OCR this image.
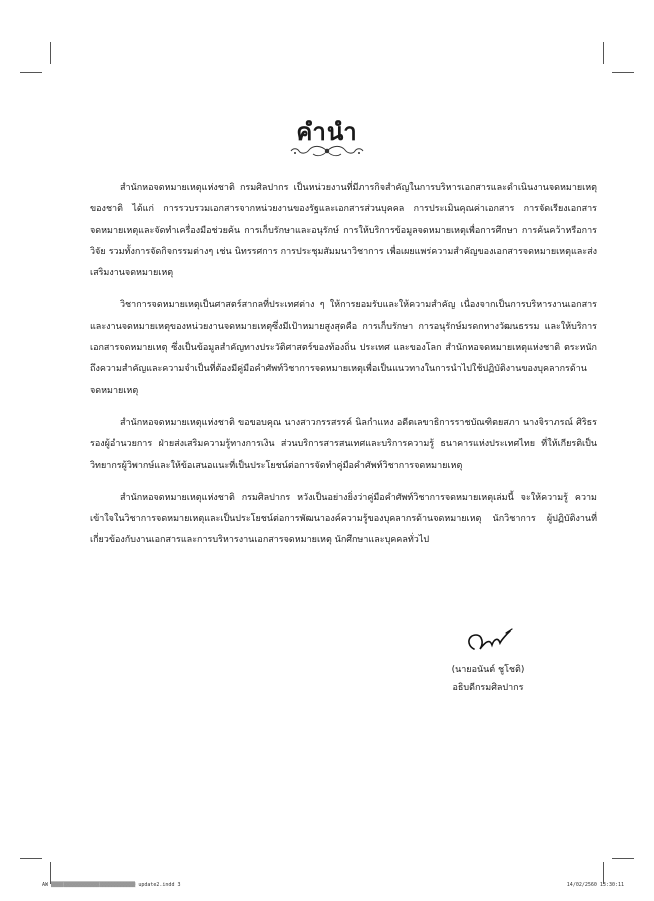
คำนำ

สำนักหอจดหมายเหตุแห่งชาติ กรมศิลปากร เป็นหน่วยงานที่มีภารกิจสำคัญในการบริหารเอกสารและดำเนินงานจดหมายเหตุของชาติ ได้แก่ การรวบรวมเอกสารจากหน่วยงานของรัฐและเอกสารส่วนบุคคล การประเมินคุณค่าเอกสาร การจัดเรียงเอกสารจดหมายเหตุและจัดทำเครื่องมือช่วยค้น การเก็บรักษาและอนุรักษ์ การให้บริการข้อมูลจดหมายเหตุเพื่อการศึกษา การค้นคว้าหรือการวิจัย รวมทั้งการจัดกิจกรรมต่างๆ เช่น นิทรรศการ การประชุมสัมมนาวิชาการ เพื่อเผยแพร่ความสำคัญของเอกสารจดหมายเหตุและส่งเสริมงานจดหมายเหตุ

วิชาการจดหมายเหตุเป็นศาสตร์สากลที่ประเทศต่าง ๆ ให้การยอมรับและให้ความสำคัญ เนื่องจากเป็นการบริหารงานเอกสารและงานจดหมายเหตุของหน่วยงานจดหมายเหตุซึ่งมีเป้าหมายสูงสุดคือ การเก็บรักษา การอนุรักษ์มรดกทางวัฒนธรรม และให้บริการเอกสารจดหมายเหตุ ซึ่งเป็นข้อมูลสำคัญทางประวัติศาสตร์ของท้องถิ่น ประเทศ และของโลก สำนักหอจดหมายเหตุแห่งชาติ ตระหนักถึงความสำคัญและความจำเป็นที่ต้องมีคู่มือคำศัพท์วิชาการจดหมายเหตุเพื่อเป็นแนวทางในการนำไปใช้ปฏิบัติงานของบุคลากรด้านจดหมายเหตุ

สำนักหอจดหมายเหตุแห่งชาติ ขอขอบคุณ นางสาวกรรสรรค์ นิลกำแหง อดีตเลขาธิการราชบัณฑิตยสภา นางจิราภรณ์ ศิริธร รองผู้อำนวยการ ฝ่ายส่งเสริมความรู้ทางการเงิน ส่วนบริการสารสนเทศและบริการความรู้ ธนาคารแห่งประเทศไทย ที่ให้เกียรติเป็นวิทยากรผู้วิพากษ์และให้ข้อเสนอแนะที่เป็นประโยชน์ต่อการจัดทำคู่มือคำศัพท์วิชาการจดหมายเหตุ

สำนักหอจดหมายเหตุแห่งชาติ กรมศิลปากร หวังเป็นอย่างยิ่งว่าคู่มือคำศัพท์วิชาการจดหมายเหตุเล่มนี้ จะให้ความรู้ ความเข้าใจในวิชาการจดหมายเหตุและเป็นประโยชน์ต่อการพัฒนาองค์ความรู้ของบุคลากรด้านจดหมายเหตุ นักวิชาการ ผู้ปฏิบัติงานที่เกี่ยวข้องกับงานเอกสารและการบริหารงานเอกสารจดหมายเหตุ นักศึกษาและบุคคลทั่วไป

(นายอนันต์ ชูโชติ)
อธิบดีกรมศิลปากร
AW ▒▒▒▒▒▒▒▒▒▒▒▒▒▒▒▒▒▒▒▒▒▒▒▒▒▒▒▒ update2.indd 3	14/02/2560 13:30:11
